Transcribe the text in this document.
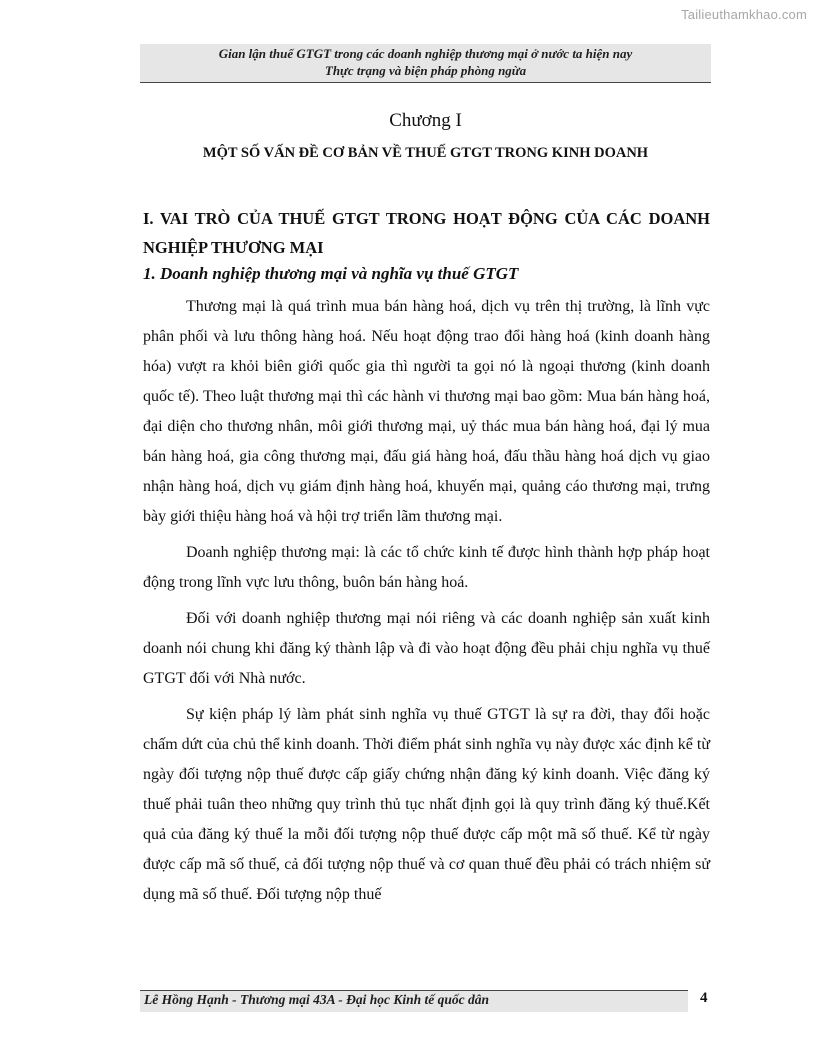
Tailieuthamkhao.com
Gian lận thuế GTGT trong các doanh nghiệp thương mại ở nước ta hiện nay
Thực trạng và biện pháp phòng ngừa
Chương I
MỘT SỐ VẤN ĐỀ CƠ BẢN VỀ THUẾ GTGT TRONG KINH DOANH
I. VAI TRÒ CỦA THUẾ GTGT TRONG HOẠT ĐỘNG CỦA CÁC DOANH NGHIỆP THƯƠNG MẠI
1. Doanh nghiệp thương mại và nghĩa vụ thuế GTGT

Thương mại là quá trình mua bán hàng hoá, dịch vụ trên thị trường, là lĩnh vực phân phối và lưu thông hàng hoá. Nếu hoạt động trao đổi hàng hoá (kinh doanh hàng hóa) vượt ra khỏi biên giới quốc gia thì người ta gọi nó là ngoại thương (kinh doanh quốc tế). Theo luật thương mại thì các hành vi thương mại bao gồm: Mua bán hàng hoá, đại diện cho thương nhân, môi giới thương mại, uỷ thác mua bán hàng hoá, đại lý mua bán hàng hoá, gia công thương mại, đấu giá hàng hoá, đấu thầu hàng hoá dịch vụ giao nhận hàng hoá, dịch vụ giám định hàng hoá, khuyến mại, quảng cáo thương mại, trưng bày giới thiệu hàng hoá và hội trợ triển lãm thương mại.

Doanh nghiệp thương mại: là các tổ chức kinh tế được hình thành hợp pháp hoạt động trong lĩnh vực lưu thông, buôn bán hàng hoá.

Đối với doanh nghiệp thương mại nói riêng và các doanh nghiệp sản xuất kinh doanh nói chung khi đăng ký thành lập và đi vào hoạt động đều phải chịu nghĩa vụ thuế GTGT đối với Nhà nước.

Sự kiện pháp lý làm phát sinh nghĩa vụ thuế GTGT là sự ra đời, thay đổi hoặc chấm dứt của chủ thể kinh doanh. Thời điểm phát sinh nghĩa vụ này được xác định kể từ ngày đối tượng nộp thuế được cấp giấy chứng nhận đăng ký kinh doanh. Việc đăng ký thuế phải tuân theo những quy trình thủ tục nhất định gọi là quy trình đăng ký thuế.Kết quả của đăng ký thuế la mỗi đối tượng nộp thuế được cấp một mã số thuế. Kể từ ngày được cấp mã số thuế, cả đối tượng nộp thuế và cơ quan thuế đều phải có trách nhiệm sử dụng mã số thuế. Đối tượng nộp thuế

Lê Hồng Hạnh - Thương mại 43A - Đại học Kinh tế quốc dân	4
